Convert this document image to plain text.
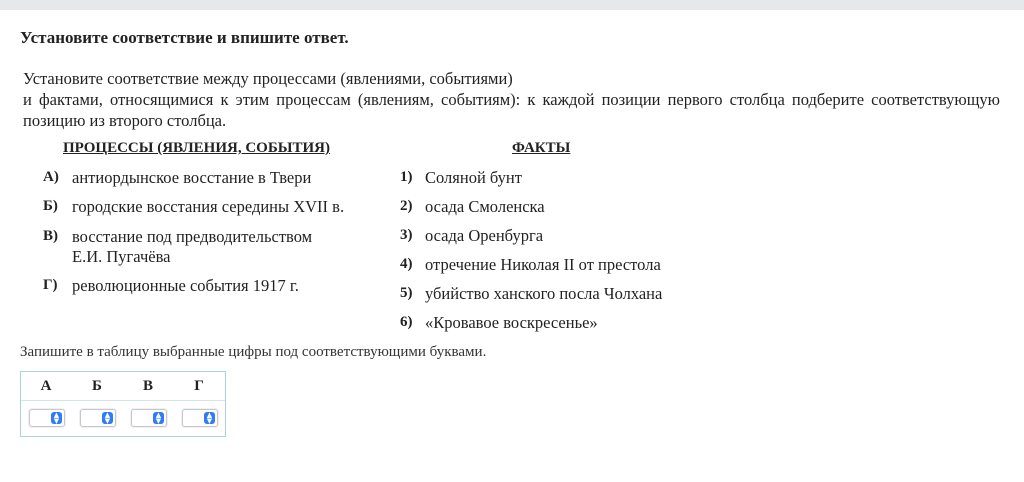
Установите соответствие и впишите ответ.
Установите соответствие между процессами (явлениями, событиями)
и фактами, относящимися к этим процессам (явлениям, событиям): к каждой позиции первого столбца подберите соответствующую позицию из второго столбца.
ПРОЦЕССЫ (ЯВЛЕНИЯ, СОБЫТИЯ)	ФАКТЫ
А) антиордынское восстание в Твери
Б) городские восстания середины XVII в.
В) восстание под предводительством
Е.И. Пугачёва
Г) революционные события 1917 г.
1) Соляной бунт
2) осада Смоленска
3) осада Оренбурга
4) отречение Николая II от престола
5) убийство ханского посла Чолхана
6) «Кровавое воскресенье»
Запишите в таблицу выбранные цифры под соответствующими буквами.
А	Б	В	Г
▲
▼
▲
▼
▲
▼
▲
▼
